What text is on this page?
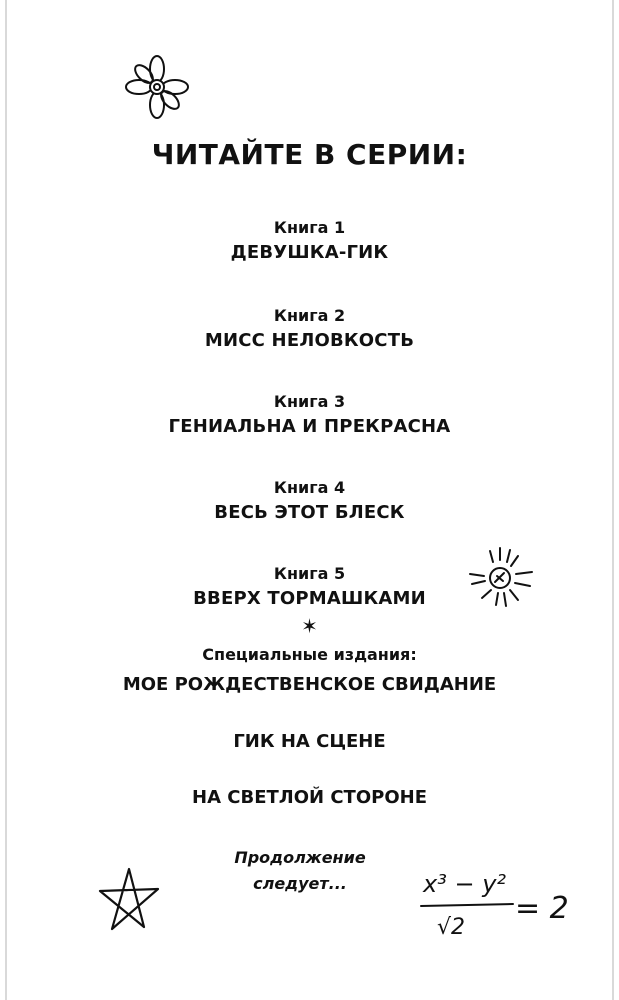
ЧИТАЙТЕ В СЕРИИ:
Книга 1
ДЕВУШКА-ГИК
Книга 2
МИСС НЕЛОВКОСТЬ
Книга 3
ГЕНИАЛЬНА И ПРЕКРАСНА
Книга 4
ВЕСЬ ЭТОТ БЛЕСК
Книга 5
ВВЕРХ ТОРМАШКАМИ
✶
Специальные издания:
МОЕ РОЖДЕСТВЕНСКОЕ СВИДАНИЕ
ГИК НА СЦЕНЕ
НА СВЕТЛОЙ СТОРОНЕ
Продолжение
следует...	x³ − y²
√2
= 2
